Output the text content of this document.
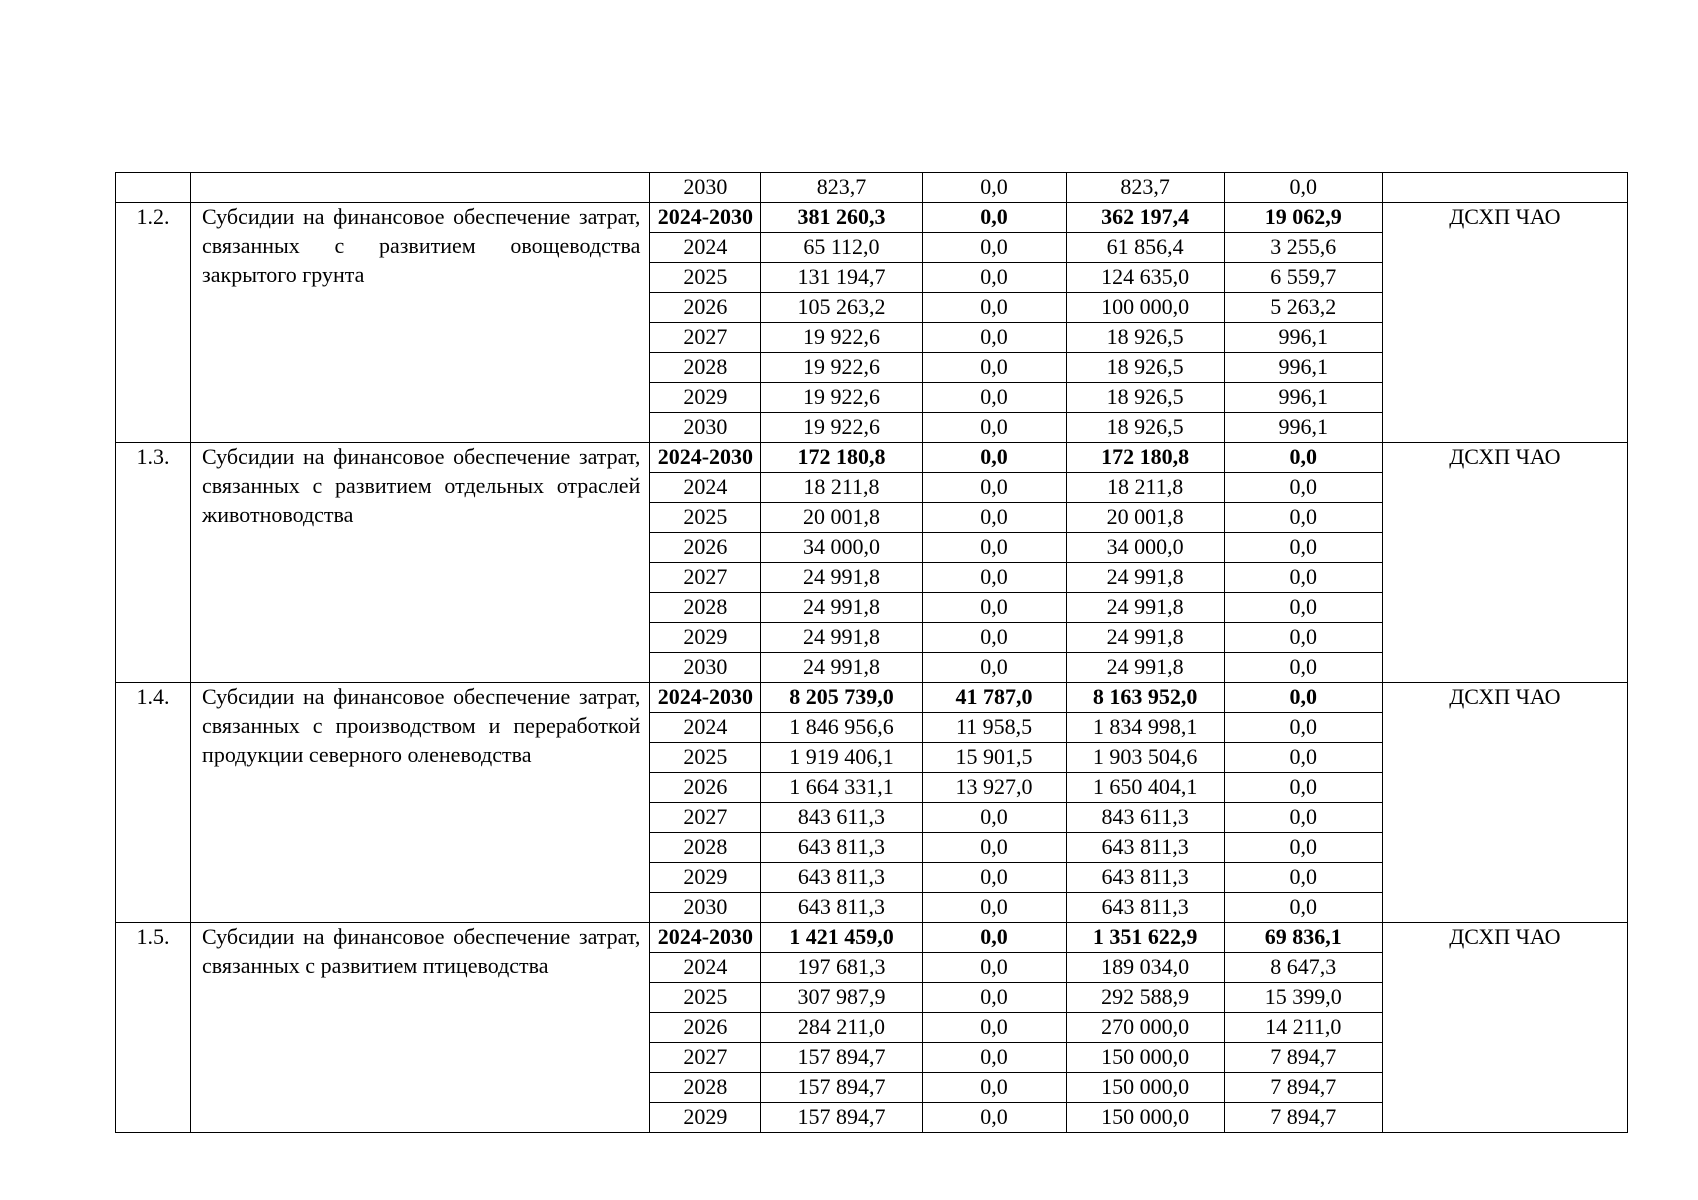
		2030	823,7	0,0	823,7	0,0	
1.2.	Субсидии на финансовое обеспечение затрат, связанных с развитием овощеводства закрытого грунта	2024-2030	381 260,3	0,0	362 197,4	19 062,9	ДСХП ЧАО
		2024	65 112,0	0,0	61 856,4	3 255,6	
		2025	131 194,7	0,0	124 635,0	6 559,7	
		2026	105 263,2	0,0	100 000,0	5 263,2	
		2027	19 922,6	0,0	18 926,5	996,1	
		2028	19 922,6	0,0	18 926,5	996,1	
		2029	19 922,6	0,0	18 926,5	996,1	
		2030	19 922,6	0,0	18 926,5	996,1	
1.3.	Субсидии на финансовое обеспечение затрат, связанных с развитием отдельных отраслей животноводства	2024-2030	172 180,8	0,0	172 180,8	0,0	ДСХП ЧАО
		2024	18 211,8	0,0	18 211,8	0,0	
		2025	20 001,8	0,0	20 001,8	0,0	
		2026	34 000,0	0,0	34 000,0	0,0	
		2027	24 991,8	0,0	24 991,8	0,0	
		2028	24 991,8	0,0	24 991,8	0,0	
		2029	24 991,8	0,0	24 991,8	0,0	
		2030	24 991,8	0,0	24 991,8	0,0	
1.4.	Субсидии на финансовое обеспечение затрат, связанных с производством и переработкой продукции северного оленеводства	2024-2030	8 205 739,0	41 787,0	8 163 952,0	0,0	ДСХП ЧАО
		2024	1 846 956,6	11 958,5	1 834 998,1	0,0	
		2025	1 919 406,1	15 901,5	1 903 504,6	0,0	
		2026	1 664 331,1	13 927,0	1 650 404,1	0,0	
		2027	843 611,3	0,0	843 611,3	0,0	
		2028	643 811,3	0,0	643 811,3	0,0	
		2029	643 811,3	0,0	643 811,3	0,0	
		2030	643 811,3	0,0	643 811,3	0,0	
1.5.	Субсидии на финансовое обеспечение затрат, связанных с развитием птицеводства	2024-2030	1 421 459,0	0,0	1 351 622,9	69 836,1	ДСХП ЧАО
		2024	197 681,3	0,0	189 034,0	8 647,3	
		2025	307 987,9	0,0	292 588,9	15 399,0	
		2026	284 211,0	0,0	270 000,0	14 211,0	
		2027	157 894,7	0,0	150 000,0	7 894,7	
		2028	157 894,7	0,0	150 000,0	7 894,7	
		2029	157 894,7	0,0	150 000,0	7 894,7	
